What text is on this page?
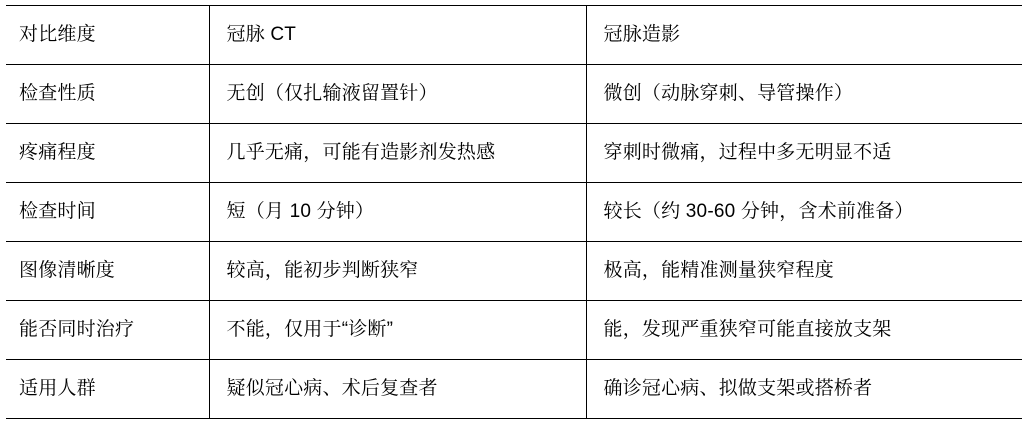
对比维度	冠脉 CT	冠脉造影

检查性质	无创（仅扎输液留置针）	微创（动脉穿刺、导管操作）

疼痛程度	几乎无痛，可能有造影剂发热感	穿刺时微痛，过程中多无明显不适

检查时间	短（月 10 分钟）	较长（约 30-60 分钟，含术前准备）

图像清晰度	较高，能初步判断狭窄	极高，能精准测量狭窄程度

能否同时治疗	不能，仅用于“诊断”	能，发现严重狭窄可能直接放支架

适用人群	疑似冠心病、术后复查者	确诊冠心病、拟做支架或搭桥者
